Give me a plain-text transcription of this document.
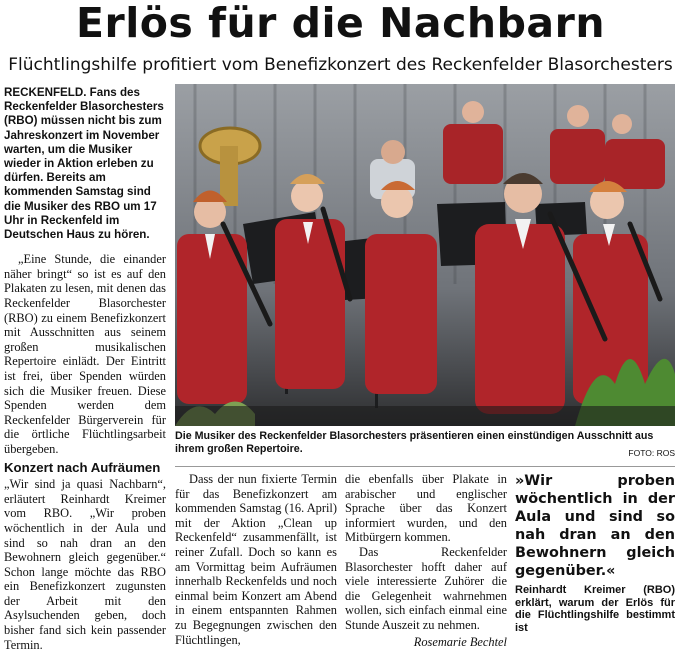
Erlös für die Nachbarn
Flüchtlingshilfe profitiert vom Benefizkonzert des Reckenfelder Blasorchesters

RECKENFELD. Fans des Reckenfelder Blasorchesters (RBO) müssen nicht bis zum Jahreskonzert im November warten, um die Musiker wieder in Aktion erleben zu dürfen. Bereits am kommenden Samstag sind die Musiker des RBO um 17 Uhr in Reckenfeld im Deutschen Haus zu hören.

„Eine Stunde, die einander näher bringt“ so ist es auf den Plakaten zu lesen, mit denen das Reckenfelder Blasorchester (RBO) zu einem Benefizkonzert mit Ausschnitten aus seinem großen musikalischen Repertoire einlädt. Der Eintritt ist frei, über Spenden würden sich die Musiker freuen. Diese Spenden werden dem Reckenfelder Bürgerverein für die örtliche Flüchtlingsarbeit übergeben.

Konzert nach Aufräumen

„Wir sind ja quasi Nachbarn“, erläutert Reinhardt Kreimer vom RBO. „Wir proben wöchentlich in der Aula und sind so nah dran an den Bewohnern gleich gegenüber.“ Schon lange möchte das RBO ein Benefizkonzert zugunsten der Arbeit mit den Asylsuchenden geben, doch bisher fand sich kein passender Termin.

Die Musiker des Reckenfelder Blasorchesters präsentieren einen einstündigen Ausschnitt aus ihrem großen Repertoire.	FOTO: ROS

Dass der nun fixierte Termin für das Benefizkonzert am kommenden Samstag (16. April) mit der Aktion „Clean up Reckenfeld“ zusammenfällt, ist reiner Zufall. Doch so kann es am Vormittag beim Aufräumen innerhalb Reckenfelds und noch einmal beim Konzert am Abend in einem entspannten Rahmen zu Begegnungen zwischen den Flüchtlingen,

die ebenfalls über Plakate in arabischer und englischer Sprache über das Konzert informiert wurden, und den Mitbürgern kommen.

Das Reckenfelder Blasorchester hofft daher auf viele interessierte Zuhörer die die Gelegenheit wahrnehmen wollen, sich einfach einmal eine Stunde Auszeit zu nehmen.

Rosemarie Bechtel
»Wir proben wöchentlich in der Aula und sind so nah dran an den Bewohnern gleich gegenüber.«
Reinhardt Kreimer (RBO) erklärt, warum der Erlös für die Flüchtlingshilfe bestimmt ist
